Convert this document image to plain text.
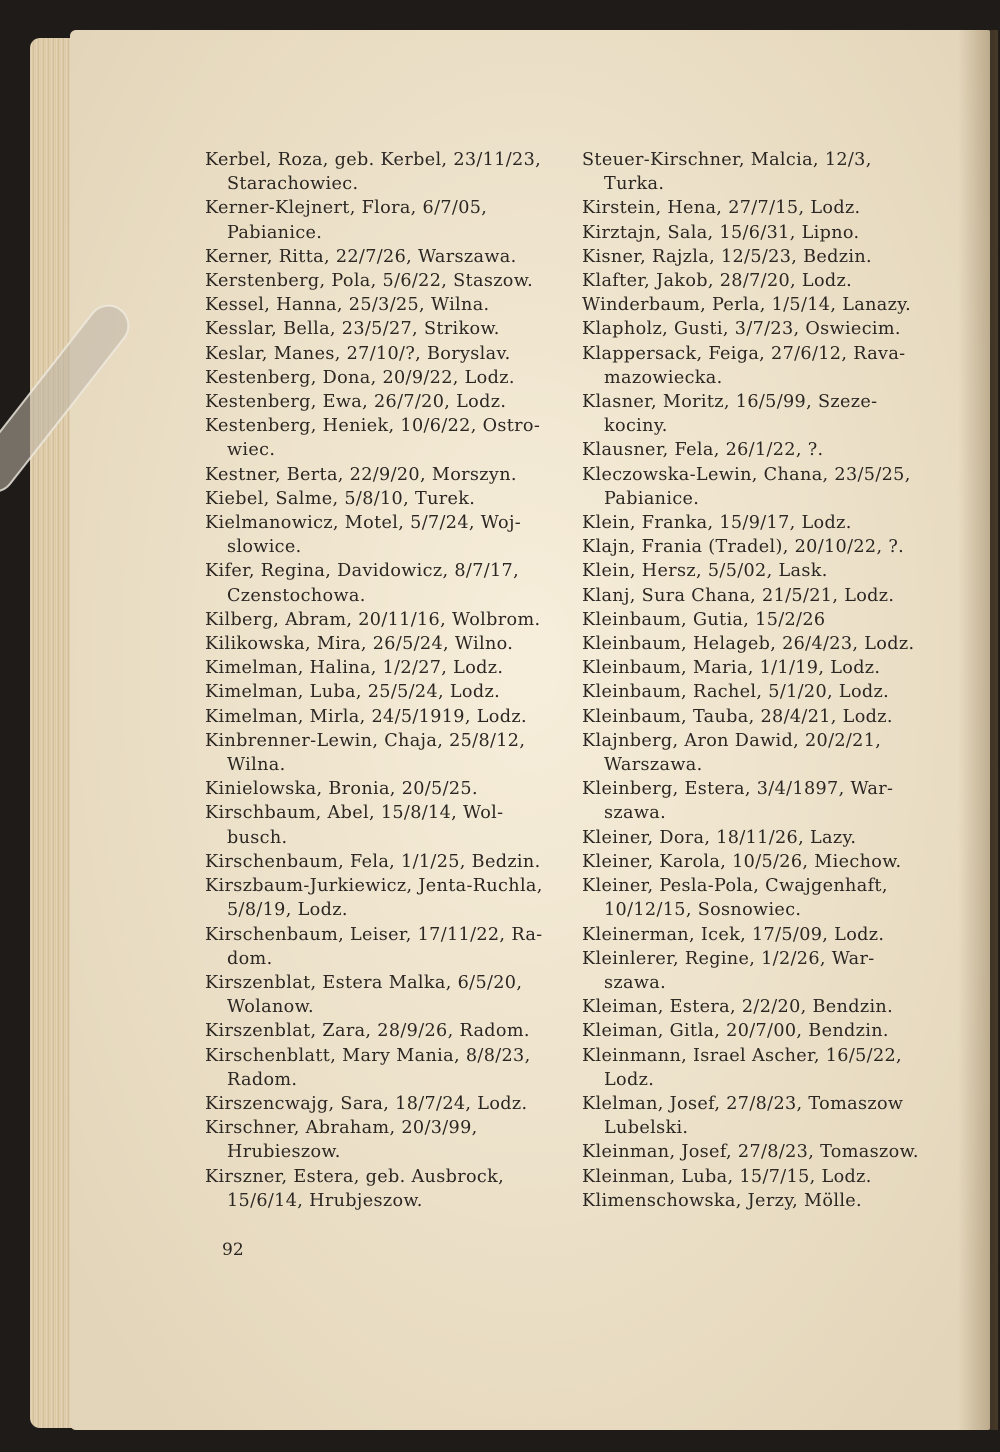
Kerbel, Roza, geb. Kerbel, 23/11/23,
Starachowiec.

Kerner-Klejnert, Flora, 6/7/05,
Pabianice.

Kerner, Ritta, 22/7/26, Warszawa.

Kerstenberg, Pola, 5/6/22, Staszow.

Kessel, Hanna, 25/3/25, Wilna.

Kesslar, Bella, 23/5/27, Strikow.

Keslar, Manes, 27/10/?, Boryslav.

Kestenberg, Dona, 20/9/22, Lodz.

Kestenberg, Ewa, 26/7/20, Lodz.

Kestenberg, Heniek, 10/6/22, Ostro-
wiec.

Kestner, Berta, 22/9/20, Morszyn.

Kiebel, Salme, 5/8/10, Turek.

Kielmanowicz, Motel, 5/7/24, Woj-
slowice.

Kifer, Regina, Davidowicz, 8/7/17,
Czenstochowa.

Kilberg, Abram, 20/11/16, Wolbrom.

Kilikowska, Mira, 26/5/24, Wilno.

Kimelman, Halina, 1/2/27, Lodz.

Kimelman, Luba, 25/5/24, Lodz.

Kimelman, Mirla, 24/5/1919, Lodz.

Kinbrenner-Lewin, Chaja, 25/8/12,
Wilna.

Kinielowska, Bronia, 20/5/25.

Kirschbaum, Abel, 15/8/14, Wol-
busch.

Kirschenbaum, Fela, 1/1/25, Bedzin.

Kirszbaum-Jurkiewicz, Jenta-Ruchla,
5/8/19, Lodz.

Kirschenbaum, Leiser, 17/11/22, Ra-
dom.

Kirszenblat, Estera Malka, 6/5/20,
Wolanow.

Kirszenblat, Zara, 28/9/26, Radom.

Kirschenblatt, Mary Mania, 8/8/23,
Radom.

Kirszencwajg, Sara, 18/7/24, Lodz.

Kirschner, Abraham, 20/3/99,
Hrubieszow.

Kirszner, Estera, geb. Ausbrock,
15/6/14, Hrubjeszow.

Steuer-Kirschner, Malcia, 12/3,
Turka.

Kirstein, Hena, 27/7/15, Lodz.

Kirztajn, Sala, 15/6/31, Lipno.

Kisner, Rajzla, 12/5/23, Bedzin.

Klafter, Jakob, 28/7/20, Lodz.

Winderbaum, Perla, 1/5/14, Lanazy.

Klapholz, Gusti, 3/7/23, Oswiecim.

Klappersack, Feiga, 27/6/12, Rava-
mazowiecka.

Klasner, Moritz, 16/5/99, Szeze-
kociny.

Klausner, Fela, 26/1/22, ?.

Kleczowska-Lewin, Chana, 23/5/25,
Pabianice.

Klein, Franka, 15/9/17, Lodz.

Klajn, Frania (Tradel), 20/10/22, ?.

Klein, Hersz, 5/5/02, Lask.

Klanj, Sura Chana, 21/5/21, Lodz.

Kleinbaum, Gutia, 15/2/26

Kleinbaum, Helageb, 26/4/23, Lodz.

Kleinbaum, Maria, 1/1/19, Lodz.

Kleinbaum, Rachel, 5/1/20, Lodz.

Kleinbaum, Tauba, 28/4/21, Lodz.

Klajnberg, Aron Dawid, 20/2/21,
Warszawa.

Kleinberg, Estera, 3/4/1897, War-
szawa.

Kleiner, Dora, 18/11/26, Lazy.

Kleiner, Karola, 10/5/26, Miechow.

Kleiner, Pesla-Pola, Cwajgenhaft,
10/12/15, Sosnowiec.

Kleinerman, Icek, 17/5/09, Lodz.

Kleinlerer, Regine, 1/2/26, War-
szawa.

Kleiman, Estera, 2/2/20, Bendzin.

Kleiman, Gitla, 20/7/00, Bendzin.

Kleinmann, Israel Ascher, 16/5/22,
Lodz.

Klelman, Josef, 27/8/23, Tomaszow
Lubelski.

Kleinman, Josef, 27/8/23, Tomaszow.

Kleinman, Luba, 15/7/15, Lodz.

Klimenschowska, Jerzy, Mölle.

92
